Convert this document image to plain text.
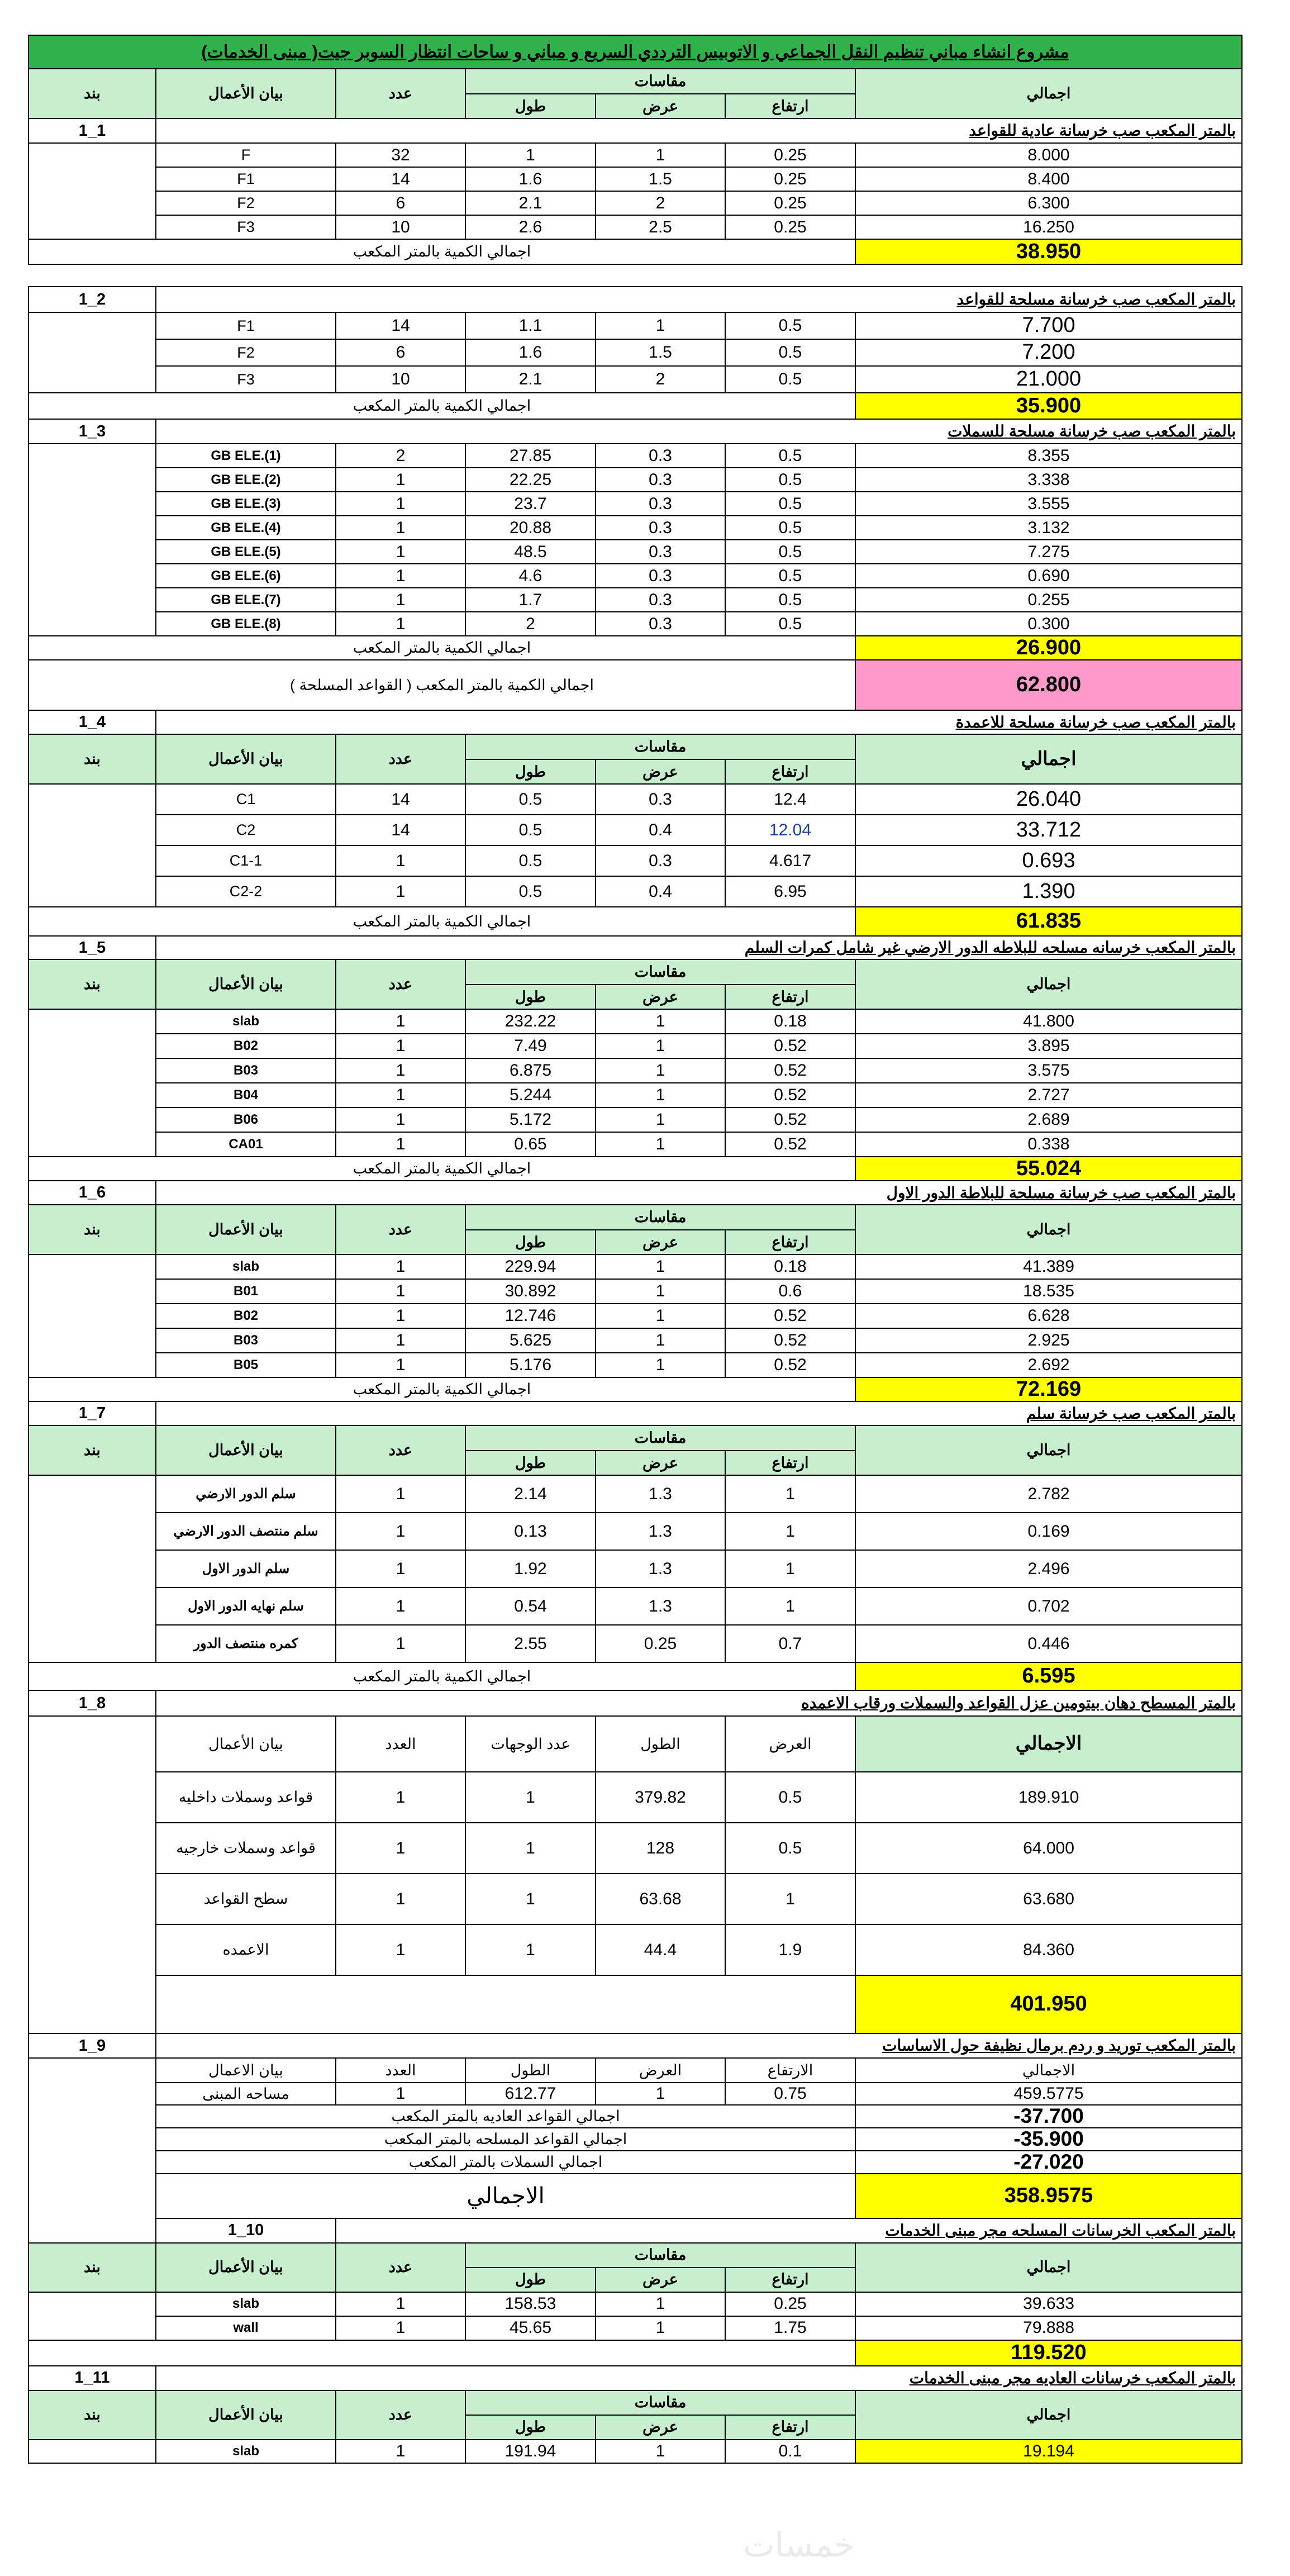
(مبنى الخدمات )مشروع انشاء مباني تنظيم النقل الجماعي و الاتوبيس الترددي السريع و مباني و ساحات انتظار السوبر جيت						
بند	بيان الأعمال	عدد	مقاسات			اجمالي
			طول	عرض	ارتفاع	
1_1	بالمتر المكعب صب خرسانة عادية للقواعد					
	F	32	1	1	0.25	8.000
	F1	14	1.6	1.5	0.25	8.400
	F2	6	2.1	2	0.25	6.300
	F3	10	2.6	2.5	0.25	16.250
اجمالي الكمية بالمتر المكعب						38.950

1_2	بالمتر المكعب صب خرسانة مسلحة للقواعد					
	F1	14	1.1	1	0.5	7.700
	F2	6	1.6	1.5	0.5	7.200
	F3	10	2.1	2	0.5	21.000
اجمالي الكمية بالمتر المكعب						35.900
1_3	بالمتر المكعب صب خرسانة مسلحة للسملات					
	GB ELE.(1)	2	27.85	0.3	0.5	8.355
	GB ELE.(2)	1	22.25	0.3	0.5	3.338
	GB ELE.(3)	1	23.7	0.3	0.5	3.555
	GB ELE.(4)	1	20.88	0.3	0.5	3.132
	GB ELE.(5)	1	48.5	0.3	0.5	7.275
	GB ELE.(6)	1	4.6	0.3	0.5	0.690
	GB ELE.(7)	1	1.7	0.3	0.5	0.255
	GB ELE.(8)	1	2	0.3	0.5	0.300
اجمالي الكمية بالمتر المكعب						26.900
اجمالي الكمية بالمتر المكعب ( القواعد المسلحة )						62.800
1_4	بالمتر المكعب صب خرسانة مسلحة للاعمدة					
بند	بيان الأعمال	عدد	مقاسات			اجمالي
			طول	عرض	ارتفاع	
	C1	14	0.5	0.3	12.4	26.040
	C2	14	0.5	0.4	12.04	33.712
	C1-1	1	0.5	0.3	4.617	0.693
	C2-2	1	0.5	0.4	6.95	1.390
اجمالي الكمية بالمتر المكعب						61.835
1_5	بالمتر المكعب خرسانه مسلحه للبلاطه الدور الارضي غير شامل كمرات السلم					
بند	بيان الأعمال	عدد	مقاسات			اجمالي
			طول	عرض	ارتفاع	
	slab	1	232.22	1	0.18	41.800
	B02	1	7.49	1	0.52	3.895
	B03	1	6.875	1	0.52	3.575
	B04	1	5.244	1	0.52	2.727
	B06	1	5.172	1	0.52	2.689
	CA01	1	0.65	1	0.52	0.338
اجمالي الكمية بالمتر المكعب						55.024
1_6	بالمتر المكعب صب خرسانة مسلحة للبلاطة الدور الاول					
بند	بيان الأعمال	عدد	مقاسات			اجمالي
			طول	عرض	ارتفاع	
	slab	1	229.94	1	0.18	41.389
	B01	1	30.892	1	0.6	18.535
	B02	1	12.746	1	0.52	6.628
	B03	1	5.625	1	0.52	2.925
	B05	1	5.176	1	0.52	2.692
اجمالي الكمية بالمتر المكعب						72.169
1_7	بالمتر المكعب صب خرسانة سلم					
بند	بيان الأعمال	عدد	مقاسات			اجمالي
			طول	عرض	ارتفاع	
	سلم الدور الارضي	1	2.14	1.3	1	2.782
	سلم منتصف الدور الارضي	1	0.13	1.3	1	0.169
	سلم الدور الاول	1	1.92	1.3	1	2.496
	سلم نهايه الدور الاول	1	0.54	1.3	1	0.702
	كمره منتصف الدور	1	2.55	0.25	0.7	0.446
اجمالي الكمية بالمتر المكعب						6.595
1_8	بالمتر المسطح دهان بيتومين عزل القواعد والسملات ورقاب الاعمده					
	بيان الأعمال	العدد	عدد الوجهات	الطول	العرض	الاجمالي
	قواعد وسملات داخليه	1	1	379.82	0.5	189.910
	قواعد وسملات خارجيه	1	1	128	0.5	64.000
	سطح القواعد	1	1	63.68	1	63.680
	الاعمده	1	1	44.4	1.9	84.360
						401.950
1_9	بالمتر المكعب توريد و ردم برمال نظيفة حول الاساسات					
	بيان الاعمال	العدد	الطول	العرض	الارتفاع	الاجمالي
	مساحه المبنى	1	612.77	1	0.75	459.5775
	اجمالي القواعد العاديه بالمتر المكعب					-37.700
	اجمالي القواعد المسلحه بالمتر المكعب					-35.900
	اجمالي السملات بالمتر المكعب					-27.020
	الاجمالي					358.9575
	1_10	بالمتر المكعب الخرسانات المسلحه مجر مبنى الخدمات				
بند	بيان الأعمال	عدد	مقاسات			اجمالي
			طول	عرض	ارتفاع	
	slab	1	158.53	1	0.25	39.633
	wall	1	45.65	1	1.75	79.888
						119.520
1_11	بالمتر المكعب خرسانات العاديه مجر مبنى الخدمات					
بند	بيان الأعمال	عدد	مقاسات			اجمالي
			طول	عرض	ارتفاع	
	slab	1	191.94	1	0.1	19.194
خمسات
